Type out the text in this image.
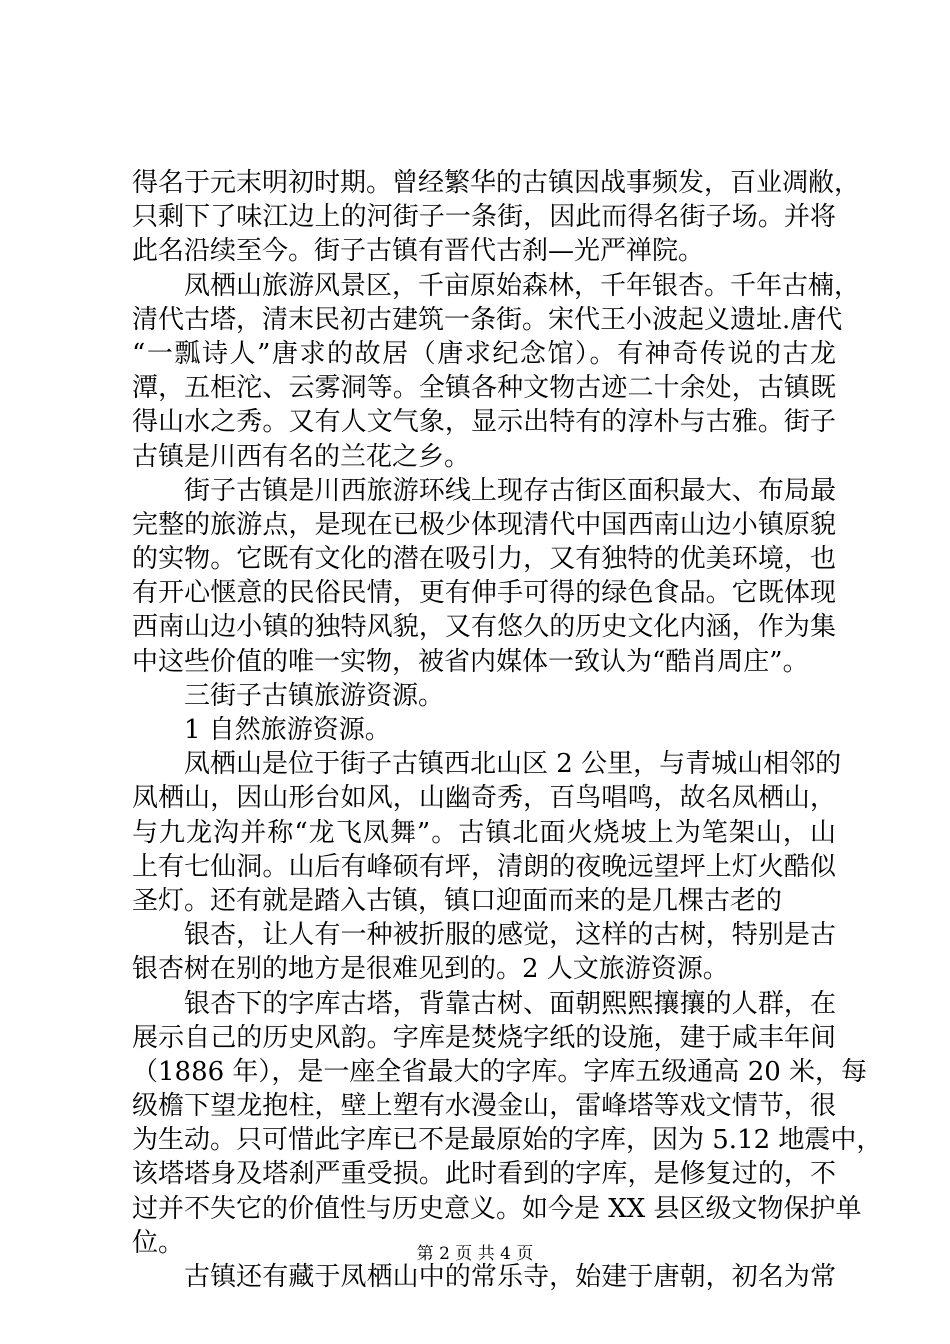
得名于元末明初时期。曾经繁华的古镇因战事频发，百业凋敝，
只剩下了味江边上的河街子一条街，因此而得名街子场。并将
此名沿续至今。街子古镇有晋代古刹—光严禅院。
凤栖山旅游风景区，千亩原始森林，千年银杏。千年古楠，
清代古塔，清末民初古建筑一条街。宋代王小波起义遗址.唐代
“一瓢诗人”唐求的故居（唐求纪念馆）。有神奇传说的古龙
潭，五柜沱、云雾洞等。全镇各种文物古迹二十余处，古镇既
得山水之秀。又有人文气象，显示出特有的淳朴与古雅。街子
古镇是川西有名的兰花之乡。
街子古镇是川西旅游环线上现存古街区面积最大、布局最
完整的旅游点，是现在已极少体现清代中国西南山边小镇原貌
的实物。它既有文化的潜在吸引力，又有独特的优美环境，也
有开心惬意的民俗民情，更有伸手可得的绿色食品。它既体现
西南山边小镇的独特风貌，又有悠久的历史文化内涵，作为集
中这些价值的唯一实物，被省内媒体一致认为“酷肖周庄”。
三街子古镇旅游资源。
1 自然旅游资源。
凤栖山是位于街子古镇西北山区 2 公里，与青城山相邻的
凤栖山，因山形台如风，山幽奇秀，百鸟唱鸣，故名凤栖山，
与九龙沟并称“龙飞凤舞”。古镇北面火烧坡上为笔架山，山
上有七仙洞。山后有峰硕有坪，清朗的夜晚远望坪上灯火酷似
圣灯。还有就是踏入古镇，镇口迎面而来的是几棵古老的
银杏，让人有一种被折服的感觉，这样的古树，特别是古
银杏树在别的地方是很难见到的。2 人文旅游资源。
银杏下的字库古塔，背靠古树、面朝熙熙攘攘的人群，在
展示自己的历史风韵。字库是焚烧字纸的设施，建于咸丰年间
（1886 年），是一座全省最大的字库。字库五级通高 20 米，每
级檐下望龙抱柱，壁上塑有水漫金山，雷峰塔等戏文情节，很
为生动。只可惜此字库已不是最原始的字库，因为 5.12 地震中，
该塔塔身及塔刹严重受损。此时看到的字库，是修复过的，不
过并不失它的价值性与历史意义。如今是 XX 县区级文物保护单
位。
古镇还有藏于凤栖山中的常乐寺，始建于唐朝，初名为常
第 2 页 共 4 页
